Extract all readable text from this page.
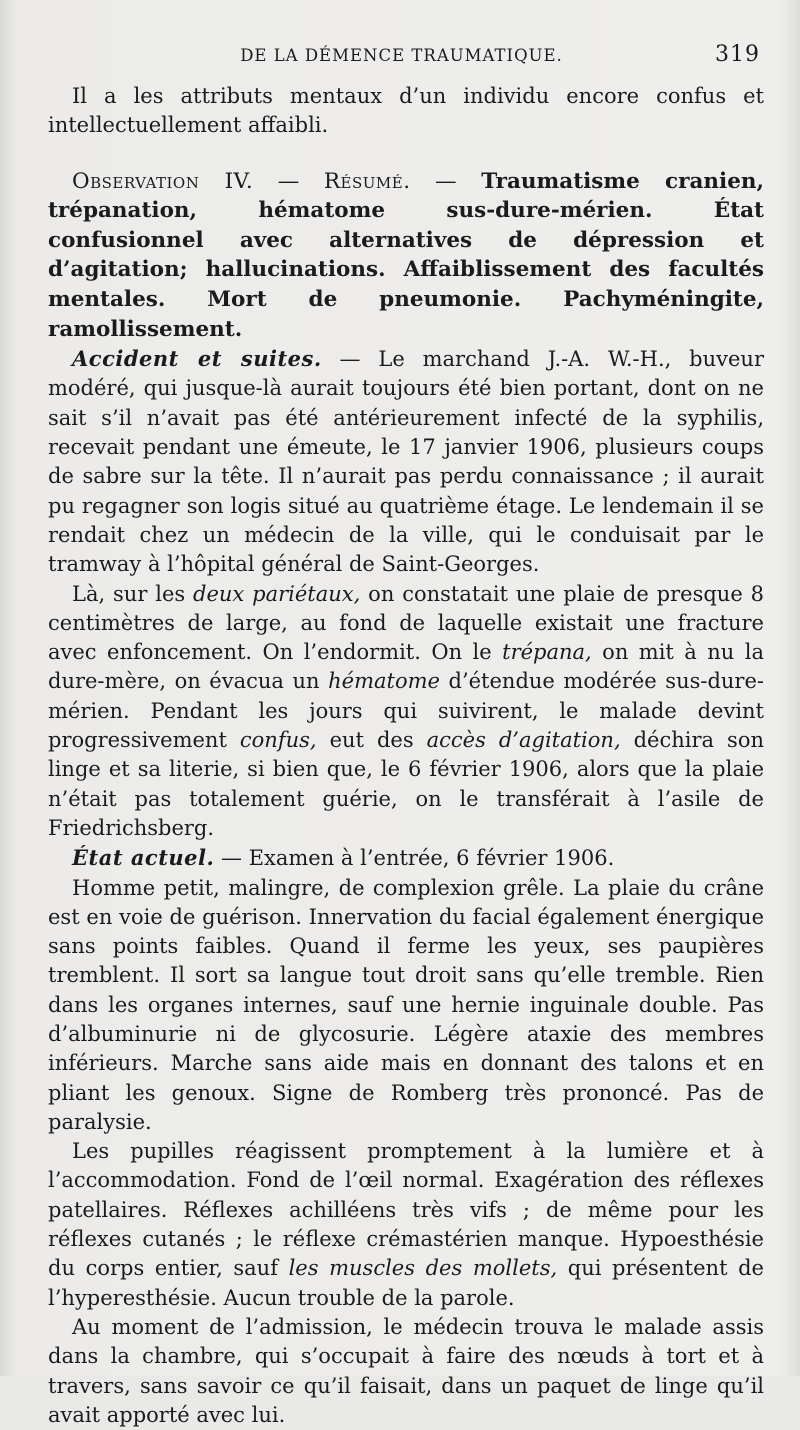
DE LA DÉMENCE TRAUMATIQUE.	319

Il a les attributs mentaux d’un individu encore confus et intellectuellement affaibli.

Observation IV. — Résumé. — Traumatisme cranien, trépanation, hématome sus-dure-mérien. État confusionnel avec alternatives de dépression et d’agitation; hallucinations. Affaiblissement des facultés mentales. Mort de pneumonie. Pachyméningite, ramollissement.

Accident et suites. — Le marchand J.-A. W.-H., buveur modéré, qui jusque-là aurait toujours été bien portant, dont on ne sait s’il n’avait pas été antérieurement infecté de la syphilis, recevait pendant une émeute, le 17 janvier 1906, plusieurs coups de sabre sur la tête. Il n’aurait pas perdu connaissance ; il aurait pu regagner son logis situé au quatrième étage. Le lendemain il se rendait chez un médecin de la ville, qui le conduisait par le tramway à l’hôpital général de Saint-Georges.

Là, sur les deux pariétaux, on constatait une plaie de presque 8 centimètres de large, au fond de laquelle existait une fracture avec enfoncement. On l’endormit. On le trépana, on mit à nu la dure-mère, on évacua un hématome d’étendue modérée sus-dure-mérien. Pendant les jours qui suivirent, le malade devint progressivement confus, eut des accès d’agitation, déchira son linge et sa literie, si bien que, le 6 février 1906, alors que la plaie n’était pas totalement guérie, on le transférait à l’asile de Friedrichsberg.

État actuel. — Examen à l’entrée, 6 février 1906.

Homme petit, malingre, de complexion grêle. La plaie du crâne est en voie de guérison. Innervation du facial également énergique sans points faibles. Quand il ferme les yeux, ses paupières tremblent. Il sort sa langue tout droit sans qu’elle tremble. Rien dans les organes internes, sauf une hernie inguinale double. Pas d’albuminurie ni de glycosurie. Légère ataxie des membres inférieurs. Marche sans aide mais en donnant des talons et en pliant les genoux. Signe de Romberg très prononcé. Pas de paralysie.

Les pupilles réagissent promptement à la lumière et à l’accommodation. Fond de l’œil normal. Exagération des réflexes patellaires. Réflexes achilléens très vifs ; de même pour les réflexes cutanés ; le réflexe crémastérien manque. Hypoesthésie du corps entier, sauf les muscles des mollets, qui présentent de l’hyperesthésie. Aucun trouble de la parole.

Au moment de l’admission, le médecin trouva le malade assis dans la chambre, qui s’occupait à faire des nœuds à tort et à travers, sans savoir ce qu’il faisait, dans un paquet de linge qu’il avait apporté avec lui.
